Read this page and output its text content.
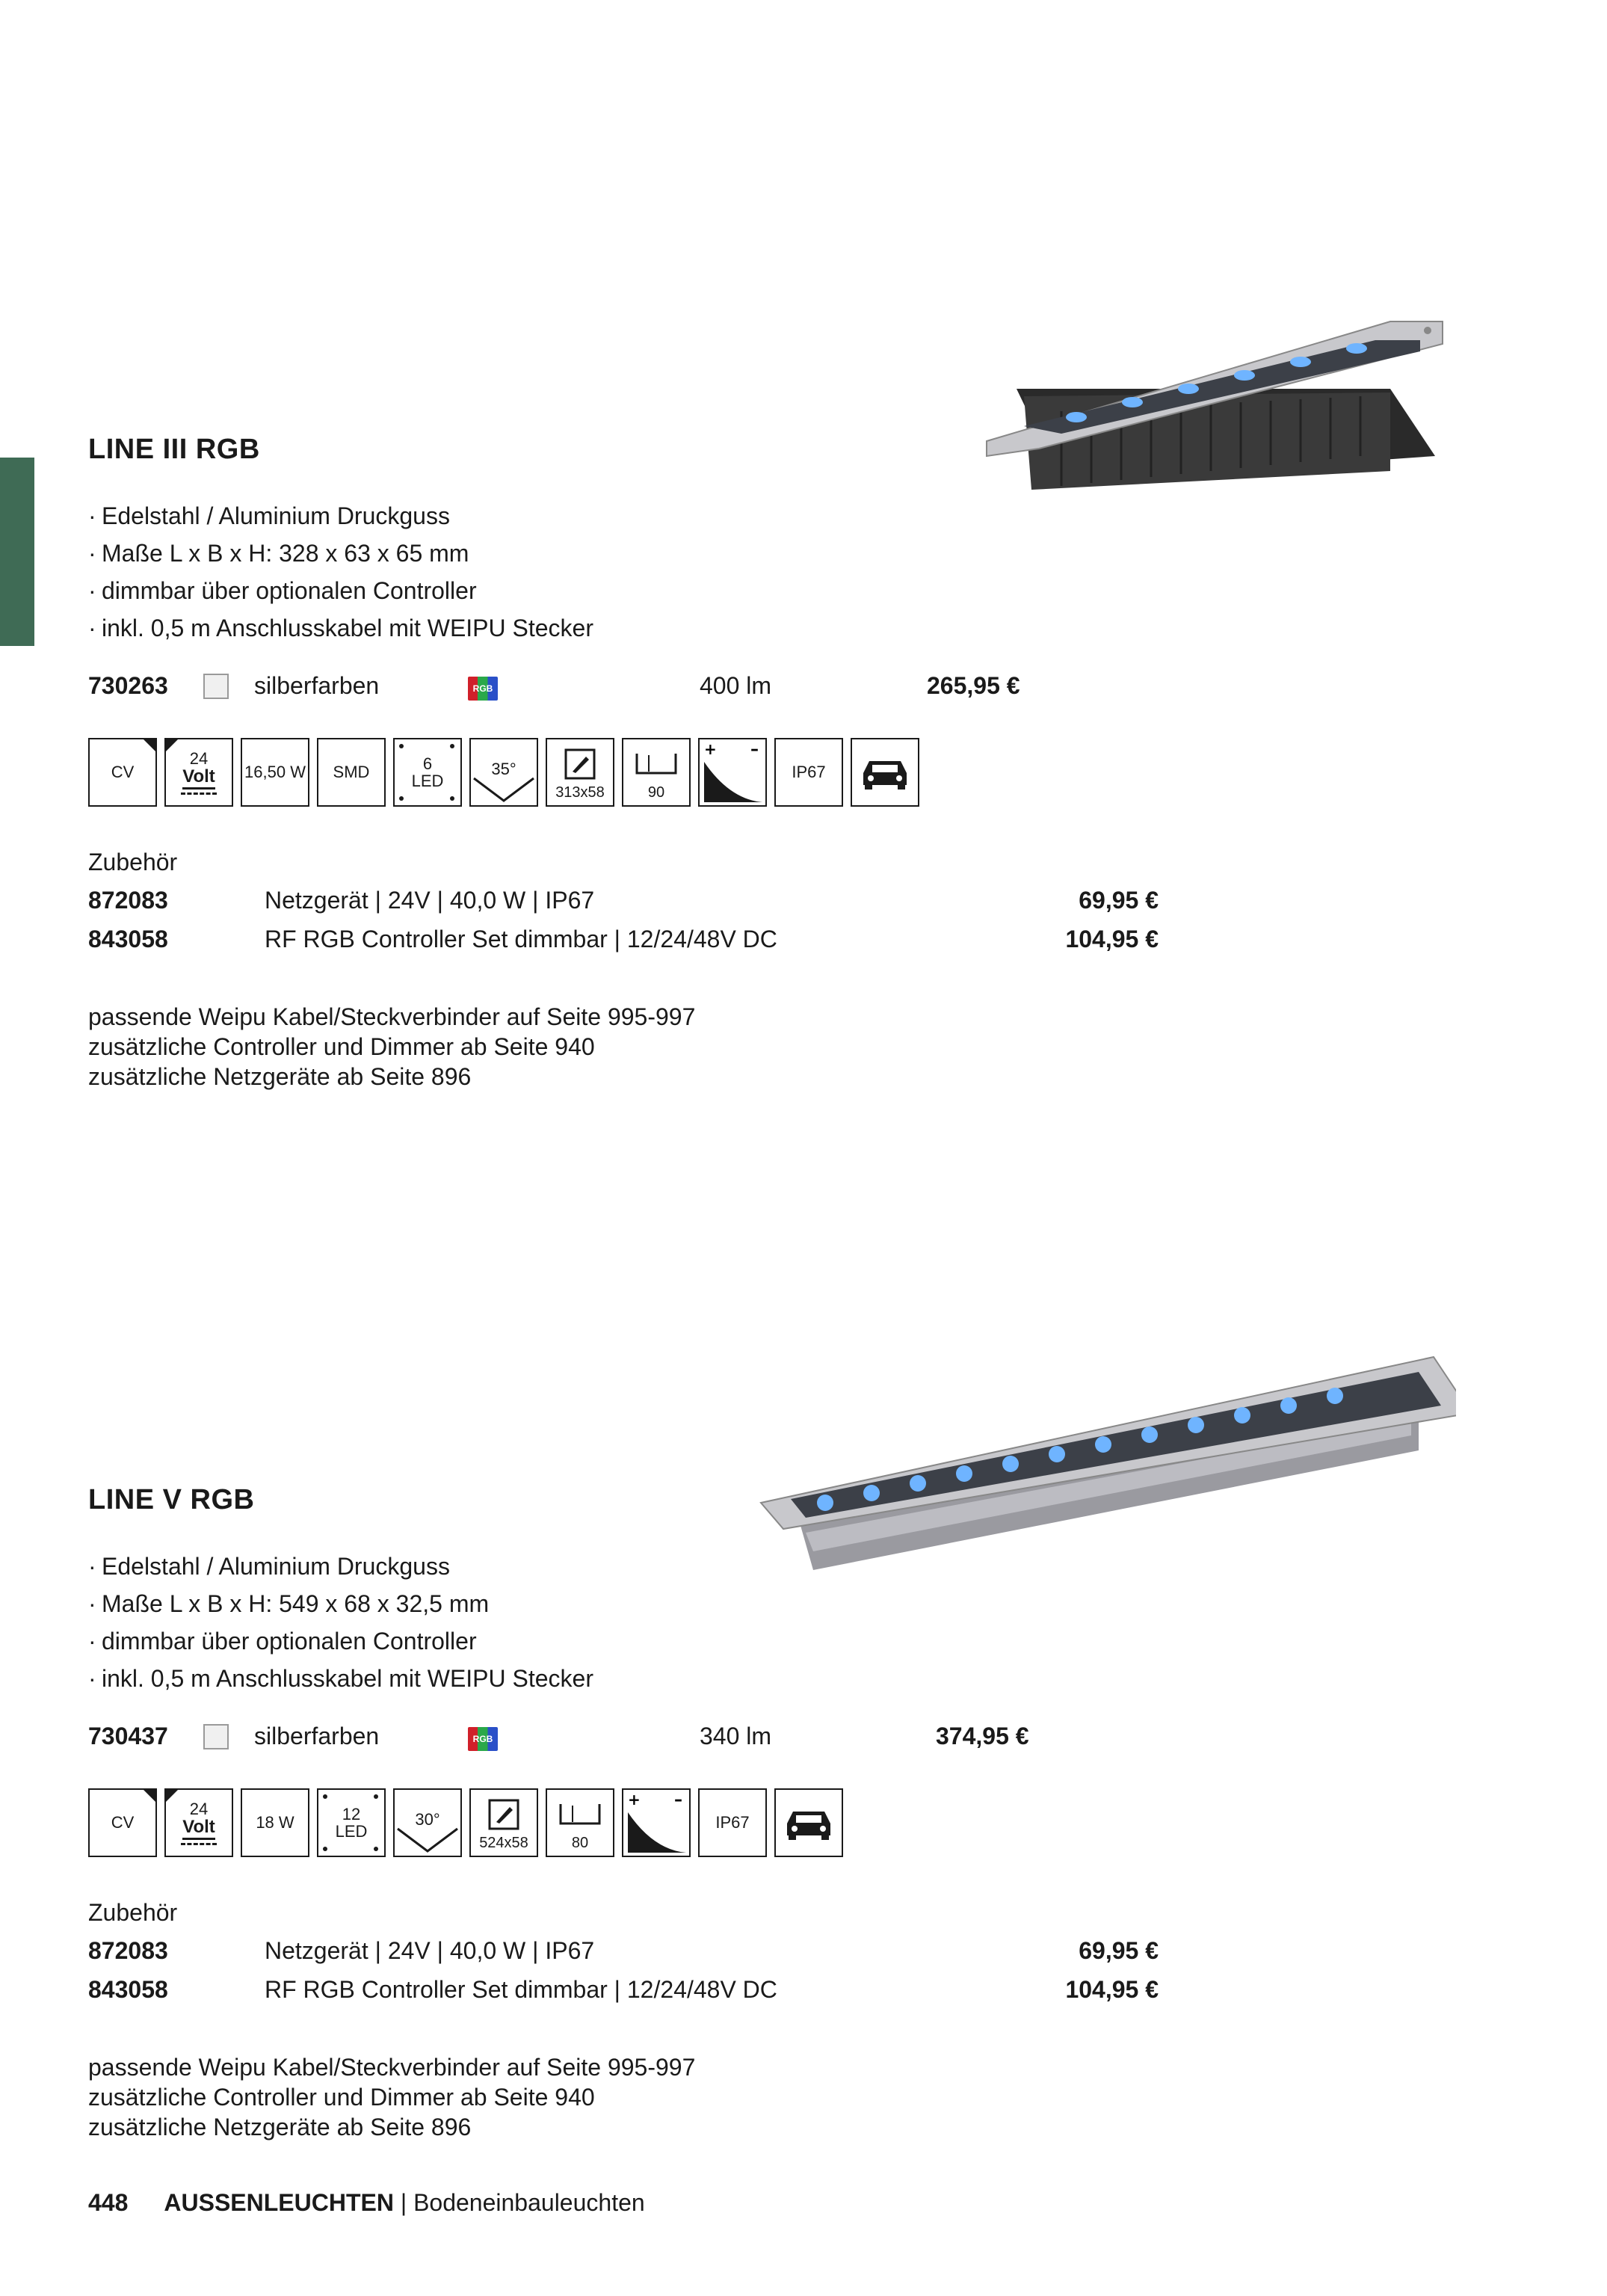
LINE III RGB
· Edelstahl / Aluminium Druckguss
· Maße L x B x H: 328 x 63 x 65 mm
· dimmbar über optionalen Controller
· inkl. 0,5 m Anschlusskabel mit WEIPU Stecker
730263	silberfarben	RGB	400 lm	265,95 €
CV
24
Volt 16,50 W SMD	6
LED
35°
313x58	90
+ –
IP67
Zubehör
872083	Netzgerät | 24V | 40,0 W | IP67	69,95 €
843058	RF RGB Controller Set dimmbar | 12/24/48V DC	104,95 €
passende Weipu Kabel/Steckverbinder auf Seite 995-997
zusätzliche Controller und Dimmer ab Seite 940
zusätzliche Netzgeräte ab Seite 896
LINE V RGB
· Edelstahl / Aluminium Druckguss
· Maße L x B x H: 549 x 68 x 32,5 mm
· dimmbar über optionalen Controller
· inkl. 0,5 m Anschlusskabel mit WEIPU Stecker
730437	silberfarben	RGB	340 lm	374,95 €
CV
24
Volt 18 W	12
LED
30°
524x58	80
+ –
IP67
Zubehör
872083	Netzgerät | 24V | 40,0 W | IP67	69,95 €
843058	RF RGB Controller Set dimmbar | 12/24/48V DC	104,95 €
passende Weipu Kabel/Steckverbinder auf Seite 995-997
zusätzliche Controller und Dimmer ab Seite 940
zusätzliche Netzgeräte ab Seite 896
448 AUSSENLEUCHTEN | Bodeneinbauleuchten
